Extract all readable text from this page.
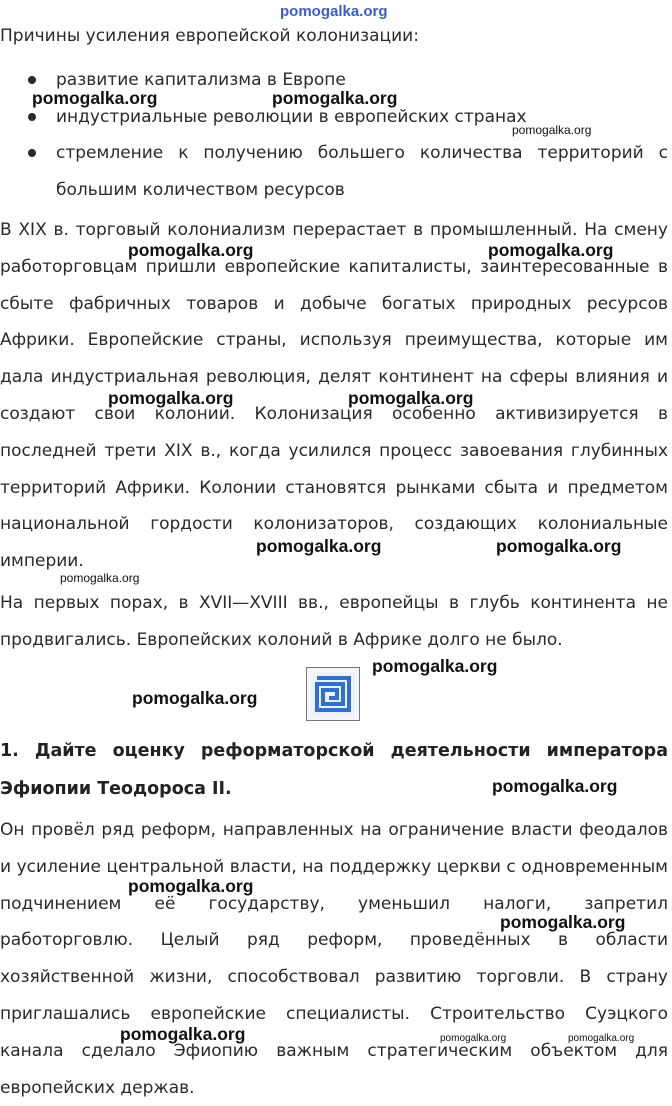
Причины усиления европейской колонизации:

развитие капитализма в Европе
индустриальные революции в европейских странах
стремление к получению большего количества территорий с большим количеством ресурсов

В XIX в. торговый колониализм перерастает в промышленный. На смену работорговцам пришли европейские капиталисты, заинтересованные в сбыте фабричных товаров и добыче богатых природных ресурсов Африки. Европейские страны, используя преимущества, которые им дала индустриальная революция, делят континент на сферы влияния и создают свои колонии. Колонизация особенно активизируется в последней трети XIX в., когда усилился процесс завоевания глубинных территорий Африки. Колонии становятся рынками сбыта и предметом национальной гордости колонизаторов, создающих колониальные империи.

На первых порах, в XVII—XVIII вв., европейцы в глубь континента не продвигались. Европейских колоний в Африке долго не было.

1. Дайте оценку реформаторской деятельности императора Эфиопии Теодороса II.

Он провёл ряд реформ, направленных на ограничение власти феодалов и усиление центральной власти, на поддержку церкви с одновременным подчинением её государству, уменьшил налоги, запретил работорговлю. Целый ряд реформ, проведённых в области хозяйственной жизни, способствовал развитию торговли. В страну приглашались европейские специалисты. Строительство Суэцкого канала сделало Эфиопию важным стратегическим объектом для европейских держав.

pomogalka.org
pomogalka.org	pomogalka.org
pomogalka.org
pomogalka.org	pomogalka.org
pomogalka.org	pomogalka.org
pomogalka.org	pomogalka.org
pomogalka.org
pomogalka.org
pomogalka.org
pomogalka.org
pomogalka.org
pomogalka.org
pomogalka.org	pomogalka.org	pomogalka.org
